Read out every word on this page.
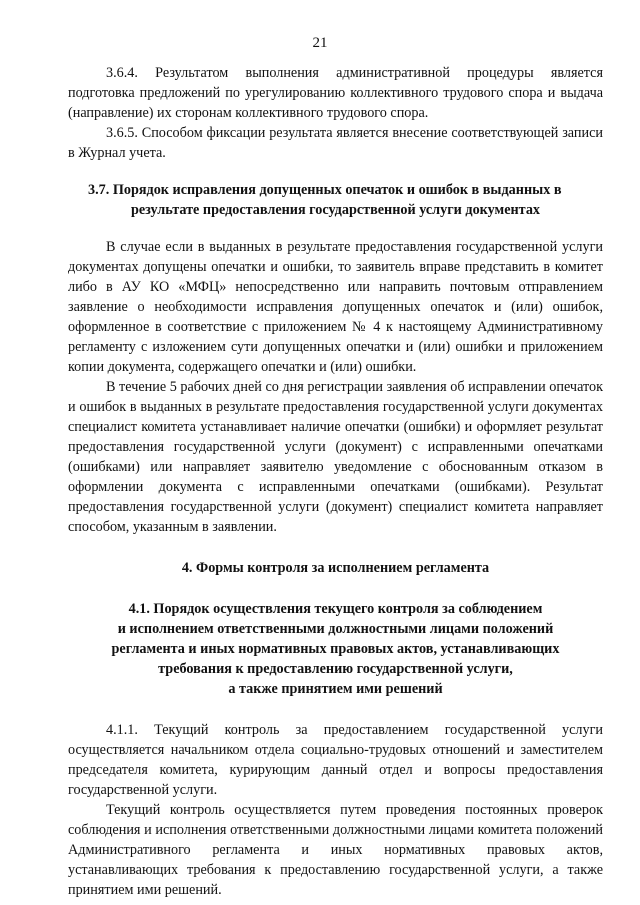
21

3.6.4. Результатом выполнения административной процедуры является подготовка предложений по урегулированию коллективного трудового спора и выдача (направление) их сторонам коллективного трудового спора.

3.6.5. Способом фиксации результата является внесение соответствующей записи в Журнал учета.

3.7. Порядок исправления допущенных опечаток и ошибок в выданных в
результате предоставления государственной услуги документах

В случае если в выданных в результате предоставления государственной услуги документах допущены опечатки и ошибки, то заявитель вправе представить в комитет либо в АУ КО «МФЦ» непосредственно или направить почтовым отправлением заявление о необходимости исправления допущенных опечаток и (или) ошибок, оформленное в соответствие с приложением № 4 к настоящему Административному регламенту с изложением сути допущенных опечатки и (или) ошибки и приложением копии документа, содержащего опечатки и (или) ошибки.

В течение 5 рабочих дней со дня регистрации заявления об исправлении опечаток и ошибок в выданных в результате предоставления государственной услуги документах специалист комитета устанавливает наличие опечатки (ошибки) и оформляет результат предоставления государственной услуги (документ) с исправленными опечатками (ошибками) или направляет заявителю уведомление с обоснованным отказом в оформлении документа с исправленными опечатками (ошибками). Результат предоставления государственной услуги (документ) специалист комитета направляет способом, указанным в заявлении.

4. Формы контроля за исполнением регламента
4.1. Порядок осуществления текущего контроля за соблюдением
и исполнением ответственными должностными лицами положений
регламента и иных нормативных правовых актов, устанавливающих
требования к предоставлению государственной услуги,
а также принятием ими решений

4.1.1. Текущий контроль за предоставлением государственной услуги осуществляется начальником отдела социально-трудовых отношений и заместителем председателя комитета, курирующим данный отдел и вопросы предоставления государственной услуги.

Текущий контроль осуществляется путем проведения постоянных проверок соблюдения и исполнения ответственными должностными лицами комитета положений Административного регламента и иных нормативных правовых актов, устанавливающих требования к предоставлению государственной услуги, а также принятием ими решений.
